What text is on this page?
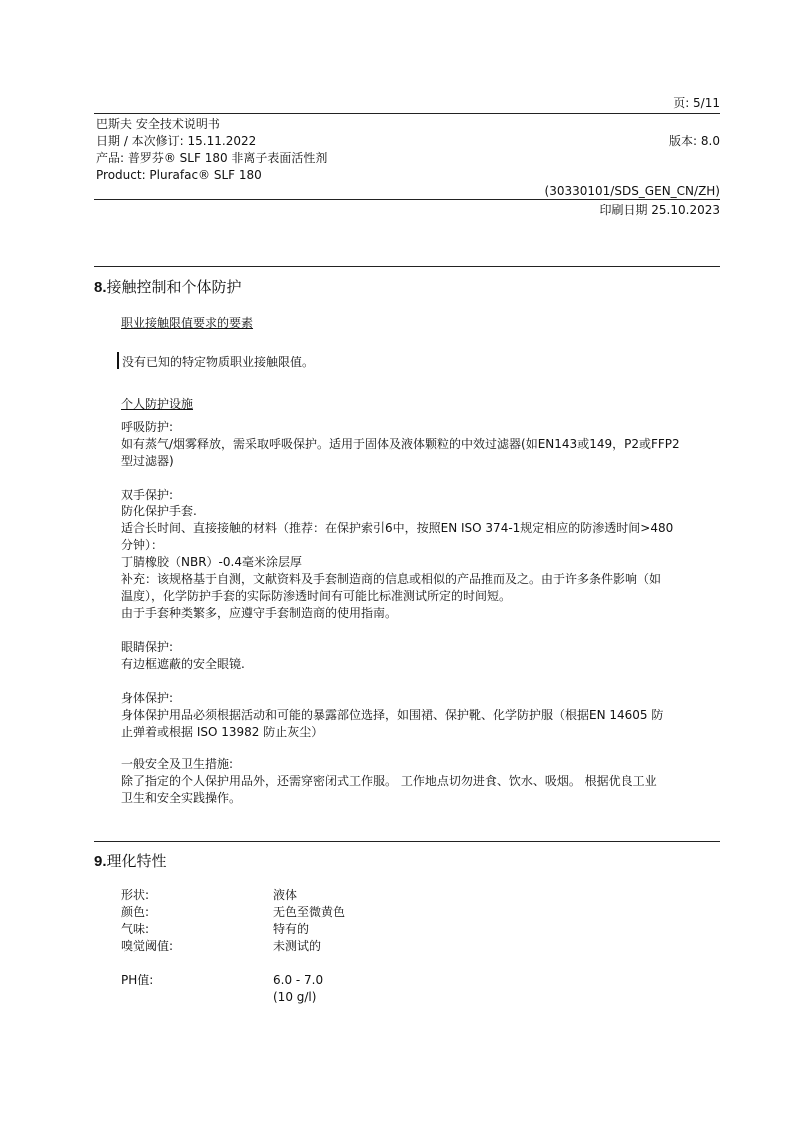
页: 5/11
巴斯夫 安全技术说明书
日期 / 本次修订: 15.11.2022	版本: 8.0
产品: 普罗芬® SLF 180 非离子表面活性剂
Product: Plurafac® SLF 180
(30330101/SDS_GEN_CN/ZH)
印刷日期 25.10.2023
8.接触控制和个体防护
职业接触限值要求的要素
没有已知的特定物质职业接触限值。
个人防护设施
呼吸防护:
如有蒸气/烟雾释放，需采取呼吸保护。适用于固体及液体颗粒的中效过滤器(如EN143或149，P2或FFP2
型过滤器)
双手保护:
防化保护手套.
适合长时间、直接接触的材料（推荐：在保护索引6中，按照EN ISO 374-1规定相应的防渗透时间>480
分钟）：
丁腈橡胶（NBR）-0.4毫米涂层厚
补充：该规格基于自测，文献资料及手套制造商的信息或相似的产品推而及之。由于许多条件影响（如
温度），化学防护手套的实际防渗透时间有可能比标准测试所定的时间短。
由于手套种类繁多，应遵守手套制造商的使用指南。
眼睛保护:
有边框遮蔽的安全眼镜.
身体保护:
身体保护用品必须根据活动和可能的暴露部位选择，如围裙、保护靴、化学防护服（根据EN 14605 防
止弹着或根据 ISO 13982 防止灰尘）
一般安全及卫生措施:
除了指定的个人保护用品外，还需穿密闭式工作服。 工作地点切勿进食、饮水、吸烟。 根据优良工业
卫生和安全实践操作。
9.理化特性
形状:	液体
颜色:	无色至微黄色
气味:	特有的
嗅觉阈值:	未测试的
PH值:	6.0 - 7.0
(10 g/l)
